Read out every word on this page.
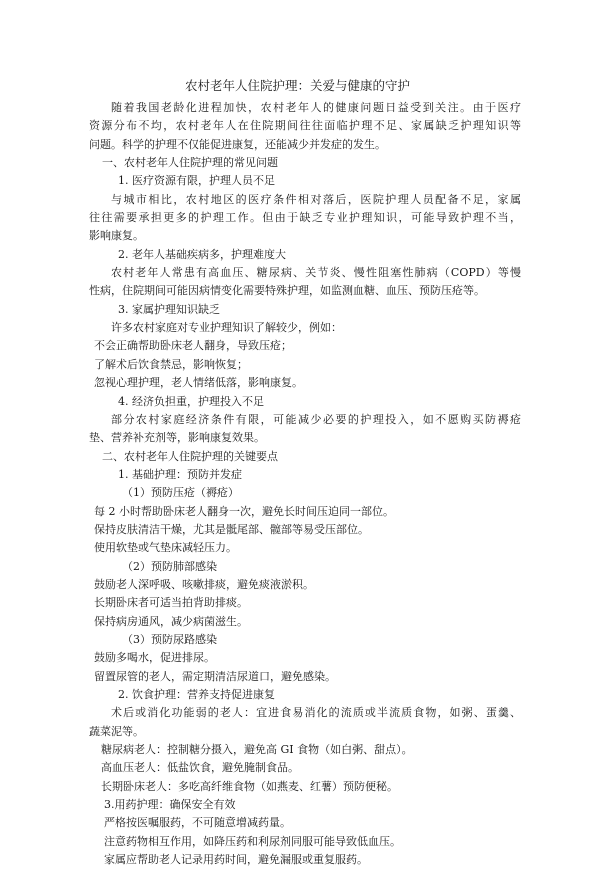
农村老年人住院护理：关爱与健康的守护
随着我国老龄化进程加快，农村老年人的健康问题日益受到关注。由于医疗
资源分布不均，农村老年人在住院期间往往面临护理不足、家属缺乏护理知识等
问题。科学的护理不仅能促进康复，还能减少并发症的发生。
一、农村老年人住院护理的常见问题
1. 医疗资源有限，护理人员不足
与城市相比，农村地区的医疗条件相对落后，医院护理人员配备不足，家属
往往需要承担更多的护理工作。但由于缺乏专业护理知识，可能导致护理不当，
影响康复。
2. 老年人基础疾病多，护理难度大
农村老年人常患有高血压、糖尿病、关节炎、慢性阻塞性肺病（COPD）等慢
性病，住院期间可能因病情变化需要特殊护理，如监测血糖、血压、预防压疮等。
3. 家属护理知识缺乏
许多农村家庭对专业护理知识了解较少，例如：
不会正确帮助卧床老人翻身，导致压疮；
了解术后饮食禁忌，影响恢复；
忽视心理护理，老人情绪低落，影响康复。
4. 经济负担重，护理投入不足
部分农村家庭经济条件有限，可能减少必要的护理投入，如不愿购买防褥疮
垫、营养补充剂等，影响康复效果。
二、农村老年人住院护理的关键要点
1. 基础护理：预防并发症
（1）预防压疮（褥疮）
每 2 小时帮助卧床老人翻身一次，避免长时间压迫同一部位。
保持皮肤清洁干燥，尤其是骶尾部、髋部等易受压部位。
使用软垫或气垫床减轻压力。
（2）预防肺部感染
鼓励老人深呼吸、咳嗽排痰，避免痰液淤积。
长期卧床者可适当拍背助排痰。
保持病房通风，减少病菌滋生。
（3）预防尿路感染
鼓励多喝水，促进排尿。
留置尿管的老人，需定期清洁尿道口，避免感染。
2. 饮食护理：营养支持促进康复
术后或消化功能弱的老人：宜进食易消化的流质或半流质食物，如粥、蛋羹、
蔬菜泥等。
糖尿病老人：控制糖分摄入，避免高 GI 食物（如白粥、甜点）。
高血压老人：低盐饮食，避免腌制食品。
长期卧床老人：多吃高纤维食物（如燕麦、红薯）预防便秘。
3.用药护理：确保安全有效
严格按医嘱服药，不可随意增减药量。
注意药物相互作用，如降压药和利尿剂同服可能导致低血压。
家属应帮助老人记录用药时间，避免漏服或重复服药。
